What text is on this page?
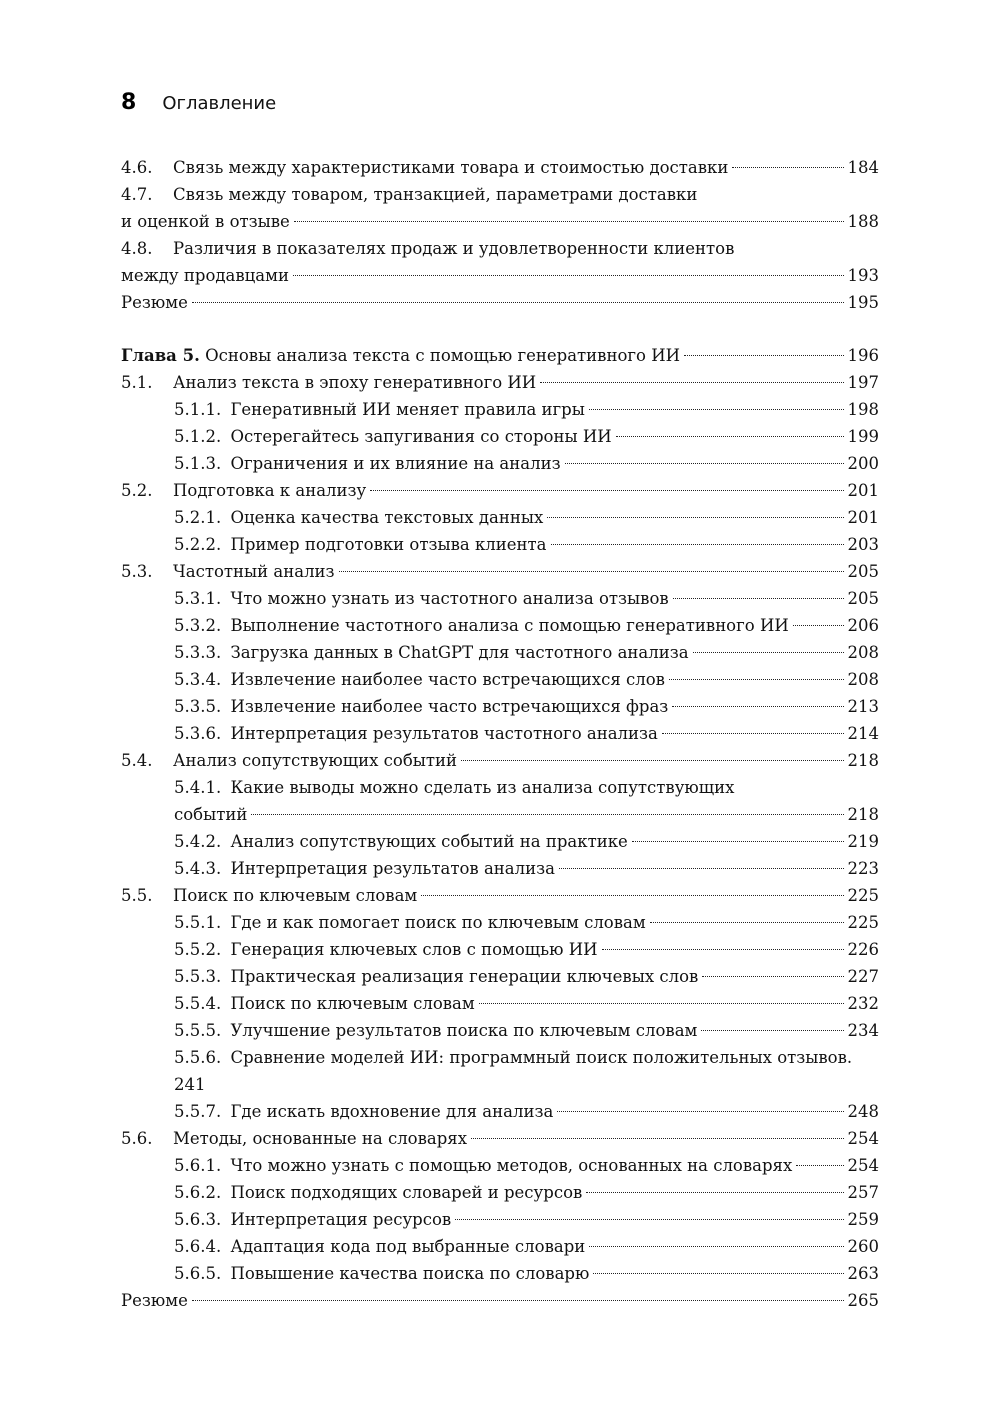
8 Оглавление
4.6. Связь между характеристиками товара и стоимостью доставки	184
4.7. Связь между товаром, транзакцией, параметрами доставки
и оценкой в отзыве	188
4.8. Различия в показателях продаж и удовлетворенности клиентов
между продавцами	193
Резюме	195
Глава 5. Основы анализа текста с помощью генеративного ИИ	196
5.1. Анализ текста в эпоху генеративного ИИ	197
5.1.1. Генеративный ИИ меняет правила игры	198
5.1.2. Остерегайтесь запугивания со стороны ИИ	199
5.1.3. Ограничения и их влияние на анализ	200
5.2. Подготовка к анализу	201
5.2.1. Оценка качества текстовых данных	201
5.2.2. Пример подготовки отзыва клиента	203
5.3. Частотный анализ	205
5.3.1. Что можно узнать из частотного анализа отзывов	205
5.3.2. Выполнение частотного анализа с помощью генеративного ИИ	206
5.3.3. Загрузка данных в ChatGPT для частотного анализа	208
5.3.4. Извлечение наиболее часто встречающихся слов	208
5.3.5. Извлечение наиболее часто встречающихся фраз	213
5.3.6. Интерпретация результатов частотного анализа	214
5.4. Анализ сопутствующих событий	218
5.4.1. Какие выводы можно сделать из анализа сопутствующих
событий	218
5.4.2. Анализ сопутствующих событий на практике	219
5.4.3. Интерпретация результатов анализа	223
5.5. Поиск по ключевым словам	225
5.5.1. Где и как помогает поиск по ключевым словам	225
5.5.2. Генерация ключевых слов с помощью ИИ	226
5.5.3. Практическая реализация генерации ключевых слов	227
5.5.4. Поиск по ключевым словам	232
5.5.5. Улучшение результатов поиска по ключевым словам	234
5.5.6. Сравнение моделей ИИ: программный поиск положительных отзывов.
241
5.5.7. Где искать вдохновение для анализа	248
5.6. Методы, основанные на словарях	254
5.6.1. Что можно узнать с помощью методов, основанных на словарях	254
5.6.2. Поиск подходящих словарей и ресурсов	257
5.6.3. Интерпретация ресурсов	259
5.6.4. Адаптация кода под выбранные словари	260
5.6.5. Повышение качества поиска по словарю	263
Резюме	265
